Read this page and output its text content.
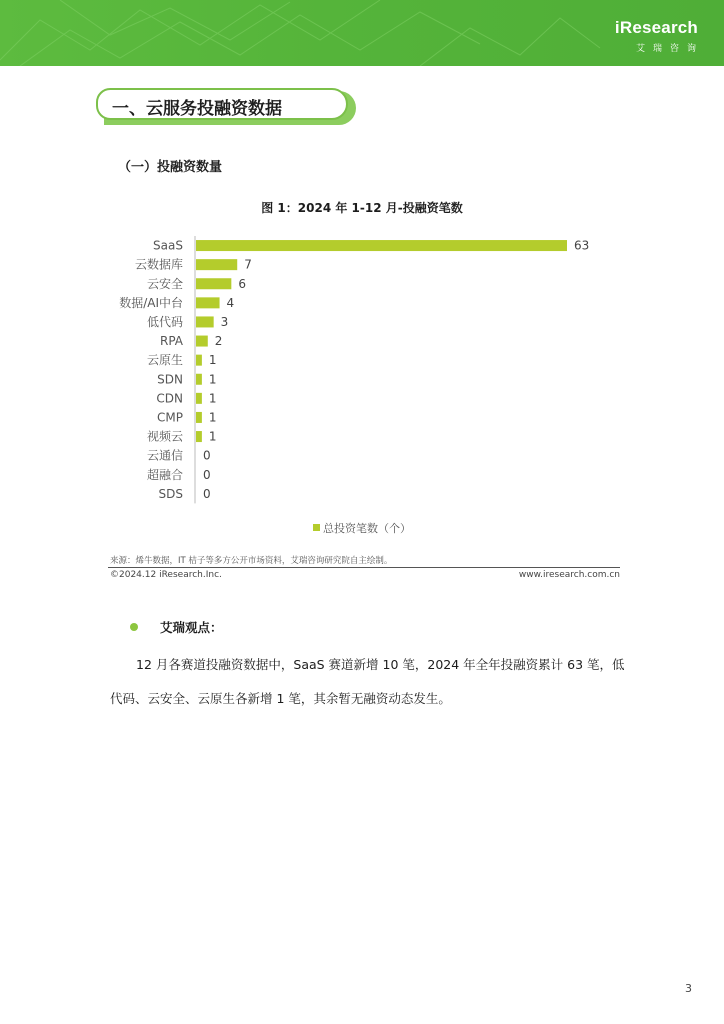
iResearch
艾瑞咨询
一、云服务投融资数据
（一）投融资数量
图 1：2024 年 1-12 月-投融资笔数
SaaS	63
云数据库	7
云安全	6
数据/AI中台	4
低代码	3
RPA	2
云原生 1
SDN 1
CDN 1
CMP 1
视频云 1
云通信 0
超融合 0
SDS 0
总投资笔数（个）
来源：烯牛数据，IT 桔子等多方公开市场资料，艾瑞咨询研究院自主绘制。
©2024.12 iResearch.Inc.	www.iresearch.com.cn
艾瑞观点：
12 月各赛道投融资数据中，SaaS 赛道新增 10 笔，2024 年全年投融资累计 63 笔，低
代码、云安全、云原生各新增 1 笔，其余暂无融资动态发生。
3
